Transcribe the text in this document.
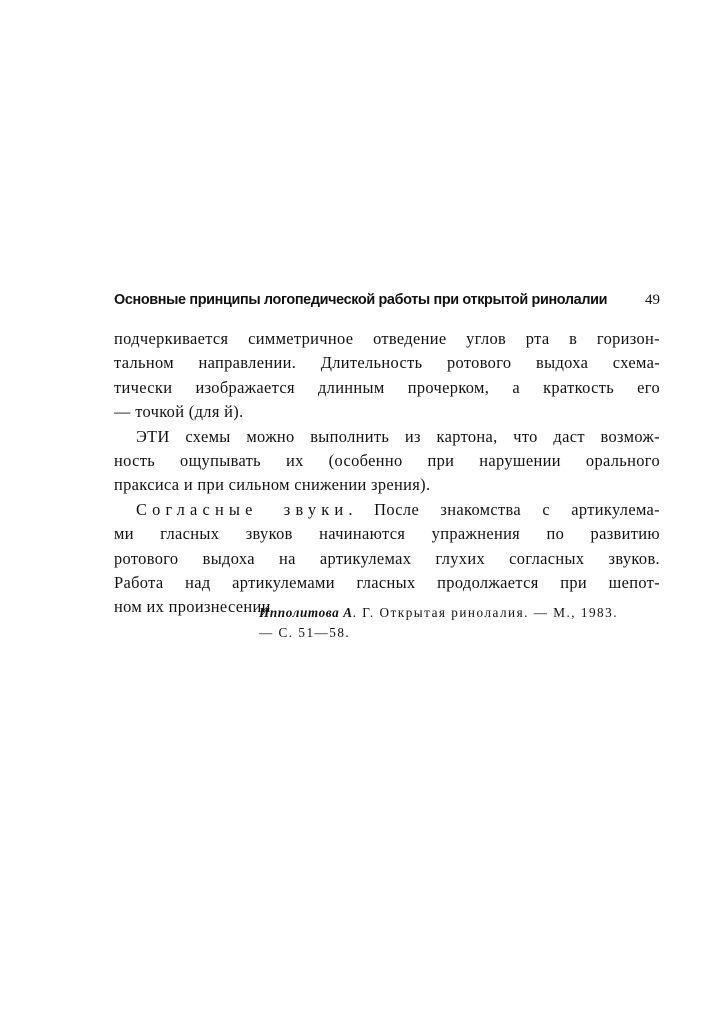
Основные принципы логопедической работы при открытой ринолалии	49
подчеркивается симметричное отведение углов рта в горизон-
тальном направлении. Длительность ротового выдоха схема-
тически изображается длинным прочерком, а краткость его
— точкой (для й).
ЭТИ схемы можно выполнить из картона, что даст возмож-
ность ощупывать их (особенно при нарушении орального
праксиса и при сильном снижении зрения).
Согласные звуки. После знакомства с артикулема-
ми гласных звуков начинаются упражнения по развитию
ротового выдоха на артикулемах глухих согласных звуков.
Работа над артикулемами гласных продолжается при шепот-
ном их произнесении
Ипполитова А. Г. Открытая ринолалия. — М., 1983.
— С. 51—58.
